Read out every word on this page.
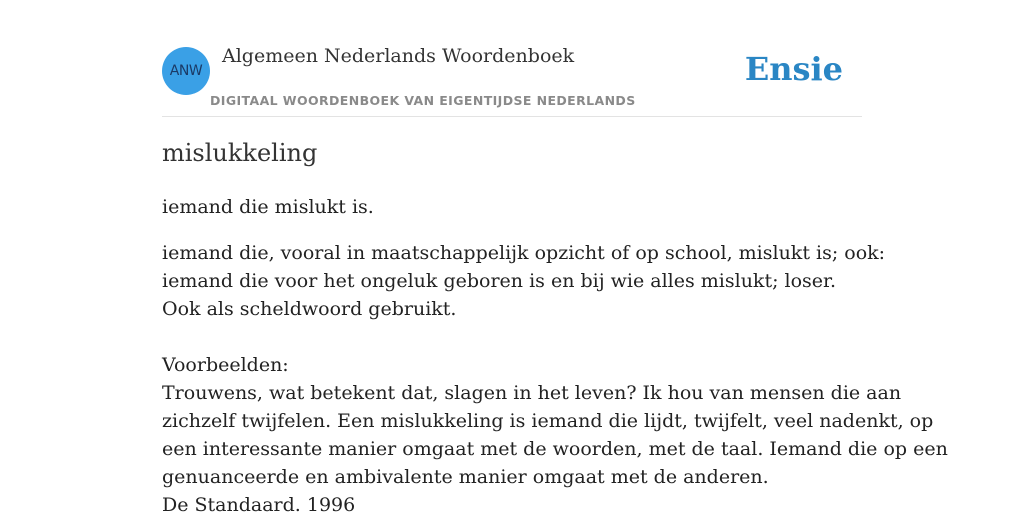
ANW
Algemeen Nederlands Woordenboek
DIGITAAL WOORDENBOEK VAN EIGENTIJDSE NEDERLANDS
Ensie
mislukkeling
iemand die mislukt is.
iemand die, vooral in maatschappelijk opzicht of op school, mislukt is; ook:
iemand die voor het ongeluk geboren is en bij wie alles mislukt; loser.
Ook als scheldwoord gebruikt.
Voorbeelden:
Trouwens, wat betekent dat, slagen in het leven? Ik hou van mensen die aan
zichzelf twijfelen. Een mislukkeling is iemand die lijdt, twijfelt, veel nadenkt, op
een interessante manier omgaat met de woorden, met de taal. Iemand die op een
genuanceerde en ambivalente manier omgaat met de anderen.
De Standaard. 1996
